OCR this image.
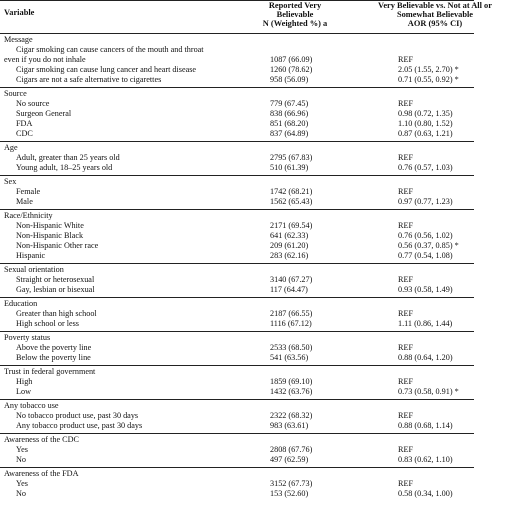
Variable
Reported Very
Believable
N (Weighted %) a
Very Believable vs. Not at All or
Somewhat Believable
AOR (95% CI)
Message
Cigar smoking can cause cancers of the mouth and throat
even if you do not inhale	1087 (66.09)	REF
Cigar smoking can cause lung cancer and heart disease	1260 (78.62)	2.05 (1.55, 2.70) *
Cigars are not a safe alternative to cigarettes	958 (56.09)	0.71 (0.55, 0.92) *
Source
No source	779 (67.45)	REF
Surgeon General	838 (66.96)	0.98 (0.72, 1.35)
FDA	851 (68.20)	1.10 (0.80, 1.52)
CDC	837 (64.89)	0.87 (0.63, 1.21)
Age
Adult, greater than 25 years old	2795 (67.83)	REF
Young adult, 18–25 years old	510 (61.39)	0.76 (0.57, 1.03)
Sex
Female	1742 (68.21)	REF
Male	1562 (65.43)	0.97 (0.77, 1.23)
Race/Ethnicity
Non-Hispanic White	2171 (69.54)	REF
Non-Hispanic Black	641 (62.33)	0.76 (0.56, 1.02)
Non-Hispanic Other race	209 (61.20)	0.56 (0.37, 0.85) *
Hispanic	283 (62.16)	0.77 (0.54, 1.08)
Sexual orientation
Straight or heterosexual	3140 (67.27)	REF
Gay, lesbian or bisexual	117 (64.47)	0.93 (0.58, 1.49)
Education
Greater than high school	2187 (66.55)	REF
High school or less	1116 (67.12)	1.11 (0.86, 1.44)
Poverty status
Above the poverty line	2533 (68.50)	REF
Below the poverty line	541 (63.56)	0.88 (0.64, 1.20)
Trust in federal government
High	1859 (69.10)	REF
Low	1432 (63.76)	0.73 (0.58, 0.91) *
Any tobacco use
No tobacco product use, past 30 days	2322 (68.32)	REF
Any tobacco product use, past 30 days	983 (63.61)	0.88 (0.68, 1.14)
Awareness of the CDC
Yes	2808 (67.76)	REF
No	497 (62.59)	0.83 (0.62, 1.10)
Awareness of the FDA
Yes	3152 (67.73)	REF
No	153 (52.60)	0.58 (0.34, 1.00)
